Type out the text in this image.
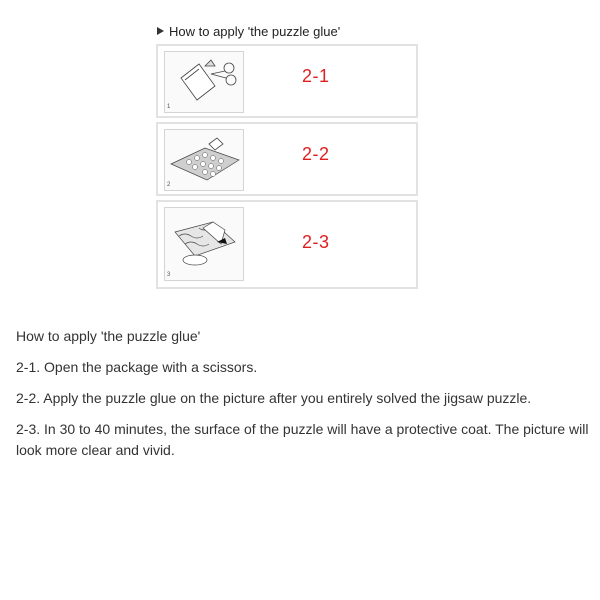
How to apply 'the puzzle glue'
1
2-1
2
2-2
3
2-3

How to apply 'the puzzle glue'

2-1. Open the package with a scissors.

2-2. Apply the puzzle glue on the picture after you entirely solved the jigsaw puzzle.

2-3. In 30 to 40 minutes, the surface of the puzzle will have a protective coat. The picture will look more clear and vivid.
